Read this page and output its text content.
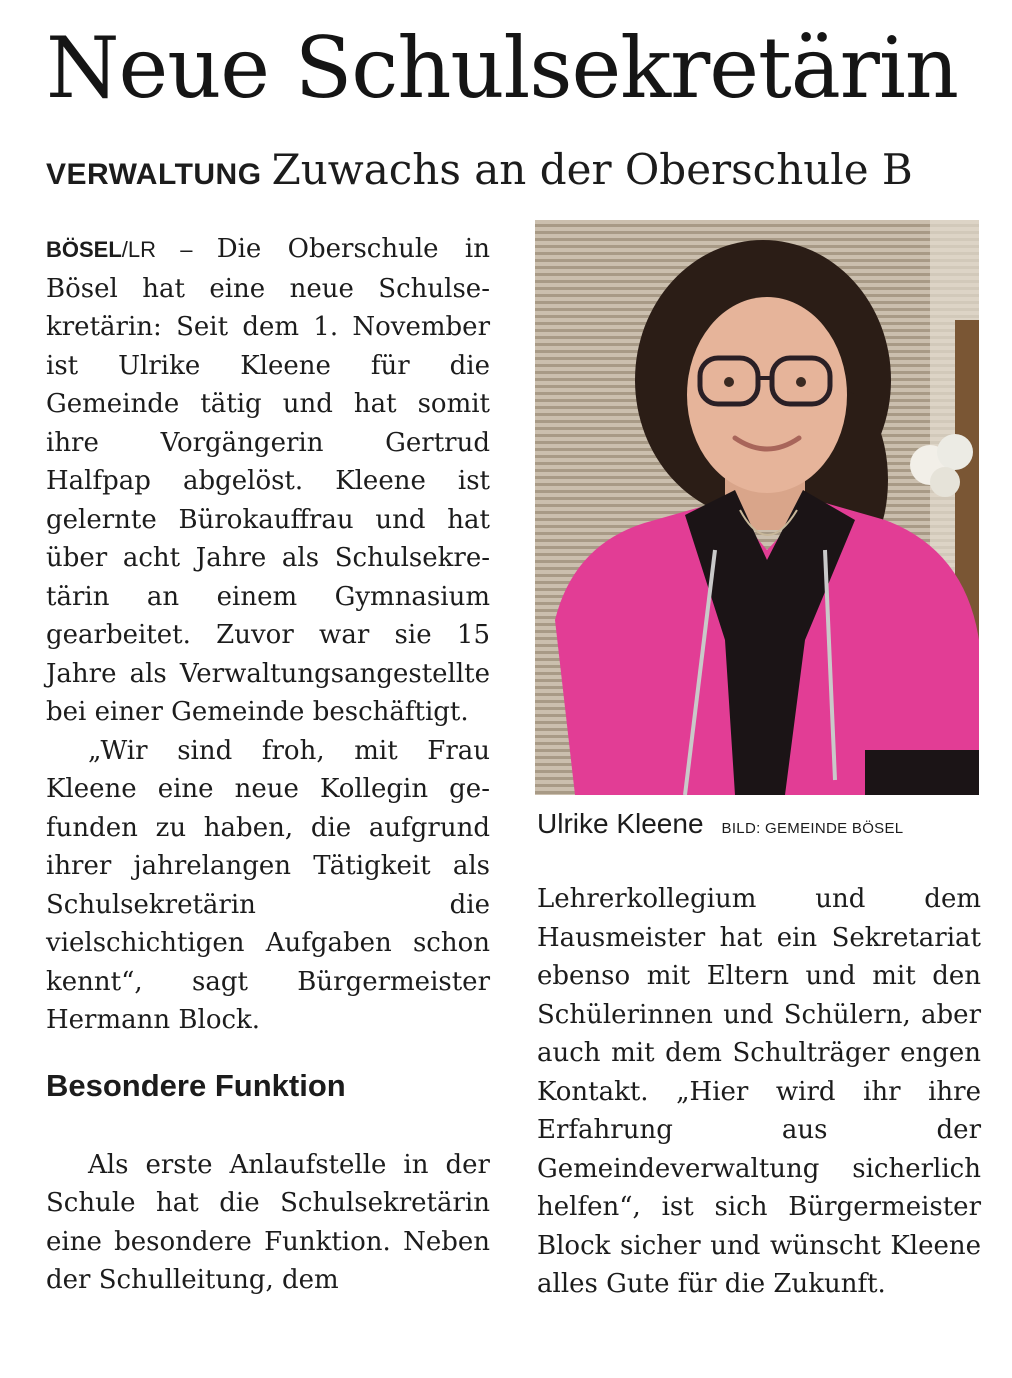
Neue Schulsekretärin
VERWALTUNG Zuwachs an der Oberschule B

BÖSEL/LR – Die Oberschule in Bösel hat eine neue Schulsekretärin: Seit dem 1. November ist Ulrike Kleene für die Gemeinde tätig und hat somit ihre Vorgängerin Gertrud Halfpap abgelöst. Kleene ist gelernte Bürokauffrau und hat über acht Jahre als Schulsekretärin an einem Gymnasium gearbeitet. Zuvor war sie 15 Jahre als Verwaltungsangestellte bei einer Gemeinde beschäftigt.

„Wir sind froh, mit Frau Kleene eine neue Kollegin gefunden zu haben, die aufgrund ihrer jahrelangen Tätigkeit als Schulsekretärin die vielschichtigen Aufgaben schon kennt“, sagt Bürgermeister Hermann Block.

Besondere Funktion

Als erste Anlaufstelle in der Schule hat die Schulsekretärin eine besondere Funktion. Neben der Schulleitung, dem

Ulrike Kleene BILD: GEMEINDE BÖSEL

Lehrerkollegium und dem Hausmeister hat ein Sekretariat ebenso mit Eltern und mit den Schülerinnen und Schülern, aber auch mit dem Schulträger engen Kontakt. „Hier wird ihr ihre Erfahrung aus der Gemeindeverwaltung sicherlich helfen“, ist sich Bürgermeister Block sicher und wünscht Kleene alles Gute für die Zukunft.
